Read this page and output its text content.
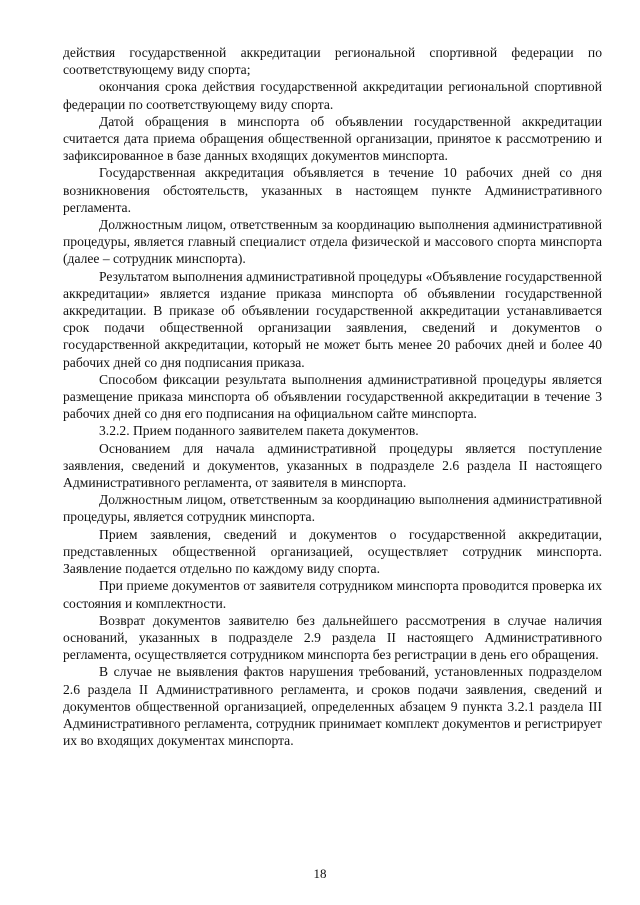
действия государственной аккредитации региональной спортивной федерации по соответствующему виду спорта;

окончания срока действия государственной аккредитации региональной спортивной федерации по соответствующему виду спорта.

Датой обращения в минспорта об объявлении государственной аккредитации считается дата приема обращения общественной организации, принятое к рассмотрению и зафиксированное в базе данных входящих документов минспорта.

Государственная аккредитация объявляется в течение 10 рабочих дней со дня возникновения обстоятельств, указанных в настоящем пункте Административного регламента.

Должностным лицом, ответственным за координацию выполнения административной процедуры, является главный специалист отдела физической и массового спорта минспорта (далее – сотрудник минспорта).

Результатом выполнения административной процедуры «Объявление государственной аккредитации» является издание приказа минспорта об объявлении государственной аккредитации. В приказе об объявлении государственной аккредитации устанавливается срок подачи общественной организации заявления, сведений и документов о государственной аккредитации, который не может быть менее 20 рабочих дней и более 40 рабочих дней со дня подписания приказа.

Способом фиксации результата выполнения административной процедуры является размещение приказа минспорта об объявлении государственной аккредитации в течение 3 рабочих дней со дня его подписания на официальном сайте минспорта.

3.2.2. Прием поданного заявителем пакета документов.

Основанием для начала административной процедуры является поступление заявления, сведений и документов, указанных в подразделе 2.6 раздела II настоящего Административного регламента, от заявителя в минспорта.

Должностным лицом, ответственным за координацию выполнения административной процедуры, является сотрудник минспорта.

Прием заявления, сведений и документов о государственной аккредитации, представленных общественной организацией, осуществляет сотрудник минспорта. Заявление подается отдельно по каждому виду спорта.

При приеме документов от заявителя сотрудником минспорта проводится проверка их состояния и комплектности.

Возврат документов заявителю без дальнейшего рассмотрения в случае наличия оснований, указанных в подразделе 2.9 раздела II настоящего Административного регламента, осуществляется сотрудником минспорта без регистрации в день его обращения.

В случае не выявления фактов нарушения требований, установленных подразделом 2.6 раздела II Административного регламента, и сроков подачи заявления, сведений и документов общественной организацией, определенных абзацем 9 пункта 3.2.1 раздела III Административного регламента, сотрудник принимает комплект документов и регистрирует их во входящих документах минспорта.

18
